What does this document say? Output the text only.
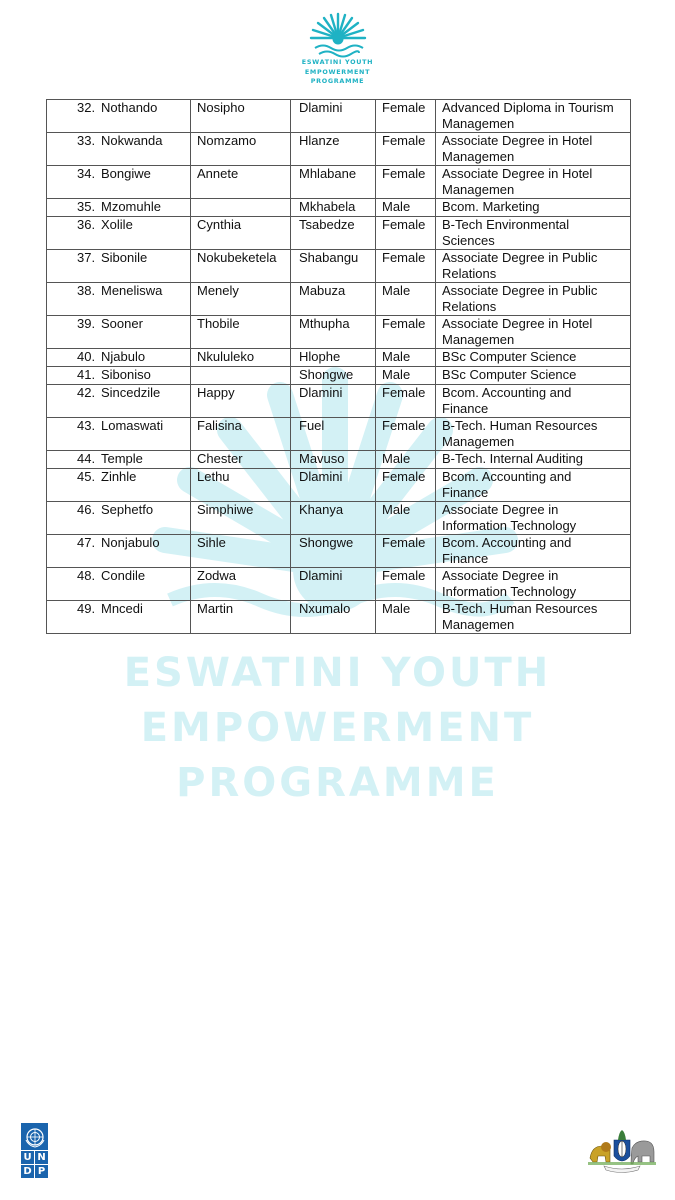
ESWATINI YOUTH
EMPOWERMENT
PROGRAMME
ESWATINI YOUTH
EMPOWERMENT
PROGRAMME
32. Nothando	Nosipho	Dlamini	Female	Advanced Diploma in Tourism
Managemen

33. Nokwanda	Nomzamo	Hlanze	Female	Associate Degree in Hotel
Managemen

34. Bongiwe	Annete	Mhlabane	Female	Associate Degree in Hotel
Managemen

35. Mzomuhle		Mkhabela	Male	Bcom. Marketing

36. Xolile	Cynthia	Tsabedze	Female	B-Tech Environmental
Sciences

37. Sibonile	Nokubeketela	Shabangu	Female	Associate Degree in Public
Relations

38. Meneliswa	Menely	Mabuza	Male	Associate Degree in Public
Relations

39. Sooner	Thobile	Mthupha	Female	Associate Degree in Hotel
Managemen

40. Njabulo	Nkululeko	Hlophe	Male	BSc Computer Science

41. Siboniso		Shongwe	Male	BSc Computer Science

42. Sincedzile	Happy	Dlamini	Female	Bcom. Accounting and
Finance

43. Lomaswati	Falisina	Fuel	Female	B-Tech. Human Resources
Managemen

44. Temple	Chester	Mavuso	Male	B-Tech. Internal Auditing

45. Zinhle	Lethu	Dlamini	Female	Bcom. Accounting and
Finance

46. Sephetfo	Simphiwe	Khanya	Male	Associate Degree in
Information Technology

47. Nonjabulo	Sihle	Shongwe	Female	Bcom. Accounting and
Finance

48. Condile	Zodwa	Dlamini	Female	Associate Degree in
Information Technology

49. Mncedi	Martin	Nxumalo	Male	B-Tech. Human Resources
Managemen
U N
D P
